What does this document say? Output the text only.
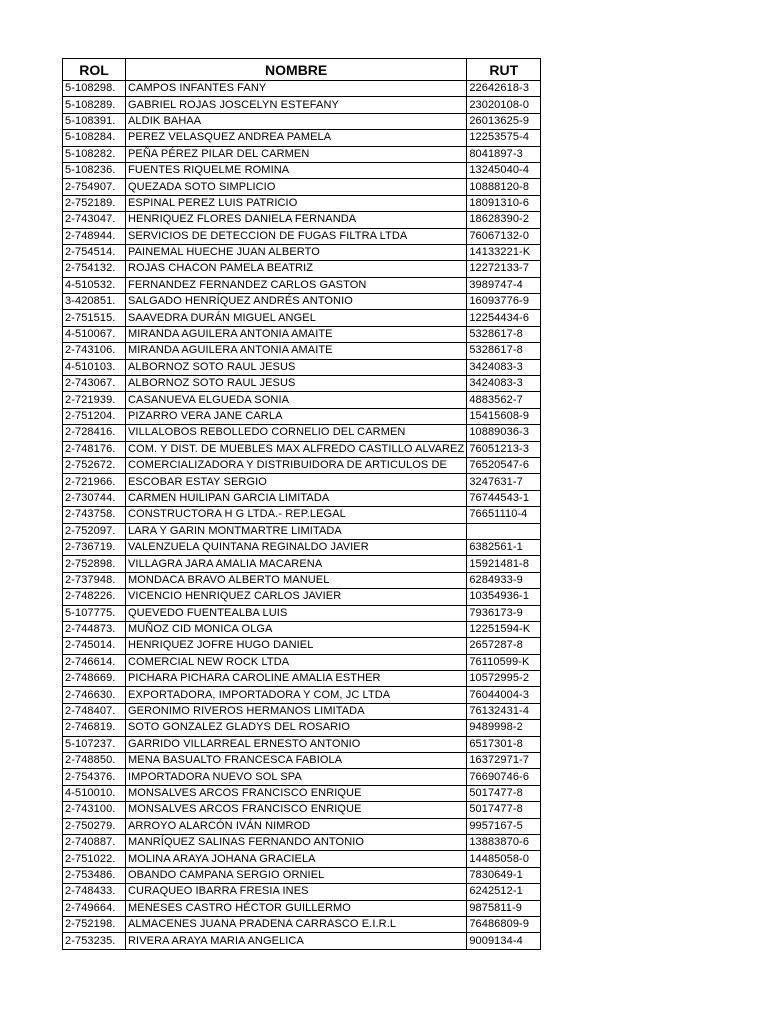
ROL	NOMBRE	RUT
5-108298.	CAMPOS INFANTES FANY	22642618-3
5-108289.	GABRIEL ROJAS JOSCELYN ESTEFANY	23020108-0
5-108391.	ALDIK BAHAA	26013625-9
5-108284.	PEREZ VELASQUEZ ANDREA PAMELA	12253575-4
5-108282.	PEÑA PÉREZ PILAR DEL CARMEN	8041897-3
5-108236.	FUENTES RIQUELME ROMINA	13245040-4
2-754907.	QUEZADA SOTO SIMPLICIO	10888120-8
2-752189.	ESPINAL PEREZ LUIS PATRICIO	18091310-6
2-743047.	HENRIQUEZ FLORES DANIELA FERNANDA	18628390-2
2-748944.	SERVICIOS DE DETECCION DE FUGAS FILTRA LTDA	76067132-0
2-754514.	PAINEMAL HUECHE JUAN ALBERTO	14133221-K
2-754132.	ROJAS CHACON PAMELA BEATRIZ	12272133-7
4-510532.	FERNANDEZ FERNANDEZ CARLOS GASTON	3989747-4
3-420851.	SALGADO HENRÍQUEZ ANDRÉS ANTONIO	16093776-9
2-751515.	SAAVEDRA DURÁN MIGUEL ANGEL	12254434-6
4-510067.	MIRANDA AGUILERA ANTONIA AMAITE	5328617-8
2-743106.	MIRANDA AGUILERA ANTONIA AMAITE	5328617-8
4-510103.	ALBORNOZ SOTO RAUL JESUS	3424083-3
2-743067.	ALBORNOZ SOTO RAUL JESUS	3424083-3
2-721939.	CASANUEVA ELGUEDA SONIA	4883562-7
2-751204.	PIZARRO VERA JANE CARLA	15415608-9
2-728416.	VILLALOBOS REBOLLEDO CORNELIO DEL CARMEN	10889036-3
2-748176.	COM. Y DIST. DE MUEBLES MAX ALFREDO CASTILLO ALVAREZ	76051213-3
2-752672.	COMERCIALIZADORA Y DISTRIBUIDORA DE ARTICULOS DE	76520547-6
2-721966.	ESCOBAR ESTAY SERGIO	3247631-7
2-730744.	CARMEN HUILIPAN GARCIA LIMITADA	76744543-1
2-743758.	CONSTRUCTORA H G LTDA.- REP.LEGAL	76651110-4
2-752097.	LARA Y GARIN MONTMARTRE LIMITADA	
2-736719.	VALENZUELA QUINTANA REGINALDO JAVIER	6382561-1
2-752898.	VILLAGRA JARA AMALIA MACARENA	15921481-8
2-737948.	MONDACA BRAVO ALBERTO MANUEL	6284933-9
2-748226.	VICENCIO HENRIQUEZ CARLOS JAVIER	10354936-1
5-107775.	QUEVEDO FUENTEALBA LUIS	7936173-9
2-744873.	MUÑOZ CID MONICA OLGA	12251594-K
2-745014.	HENRIQUEZ JOFRE HUGO DANIEL	2657287-8
2-746614.	COMERCIAL NEW ROCK LTDA	76110599-K
2-748669.	PICHARA PICHARA CAROLINE AMALIA ESTHER	10572995-2
2-746630.	EXPORTADORA, IMPORTADORA Y COM, JC LTDA	76044004-3
2-748407.	GERONIMO RIVEROS HERMANOS LIMITADA	76132431-4
2-746819.	SOTO GONZALEZ GLADYS DEL ROSARIO	9489998-2
5-107237.	GARRIDO VILLARREAL ERNESTO ANTONIO	6517301-8
2-748850.	MENA BASUALTO FRANCESCA FABIOLA	16372971-7
2-754376.	IMPORTADORA NUEVO SOL SPA	76690746-6
4-510010.	MONSALVES ARCOS FRANCISCO ENRIQUE	5017477-8
2-743100.	MONSALVES ARCOS FRANCISCO ENRIQUE	5017477-8
2-750279.	ARROYO ALARCÓN IVÁN NIMROD	9957167-5
2-740887.	MANRÍQUEZ SALINAS FERNANDO ANTONIO	13883870-6
2-751022.	MOLINA ARAYA JOHANA GRACIELA	14485058-0
2-753486.	OBANDO CAMPANA SERGIO ORNIEL	7830649-1
2-748433.	CURAQUEO IBARRA FRESIA INES	6242512-1
2-749664.	MENESES CASTRO HÉCTOR GUILLERMO	9875811-9
2-752198.	ALMACENES JUANA PRADENA CARRASCO E.I.R.L	76486809-9
2-753235.	RIVERA ARAYA MARIA ANGELICA	9009134-4
